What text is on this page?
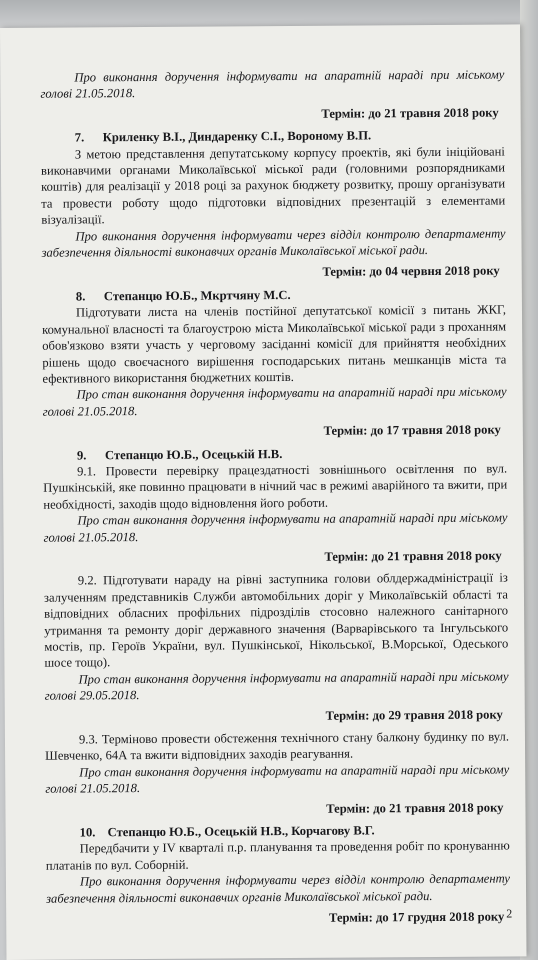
Про виконання доручення інформувати на апаратній нараді при міському голові 21.05.2018.

Термін: до 21 травня 2018 року

7. Криленку В.І., Диндаренку С.І., Вороному В.П.

З метою представлення депутатському корпусу проектів, які були ініційовані виконавчими органами Миколаївської міської ради (головними розпорядниками коштів) для реалізації у 2018 році за рахунок бюджету розвитку, прошу організувати та провести роботу щодо підготовки відповідних презентацій з елементами візуалізації.

Про виконання доручення інформувати через відділ контролю департаменту забезпечення діяльності виконавчих органів Миколаївської міської ради.

Термін: до 04 червня 2018 року

8. Степанцю Ю.Б., Мкртчяну М.С.

Підготувати листа на членів постійної депутатської комісії з питань ЖКГ, комунальної власності та благоустрою міста Миколаївської міської ради з проханням обов'язково взяти участь у черговому засіданні комісії для прийняття необхідних рішень щодо своєчасного вирішення господарських питань мешканців міста та ефективного використання бюджетних коштів.

Про стан виконання доручення інформувати на апаратній нараді при міському голові 21.05.2018.

Термін: до 17 травня 2018 року

9. Степанцю Ю.Б., Осецькій Н.В.

9.1. Провести перевірку працездатності зовнішнього освітлення по вул. Пушкінській, яке повинно працювати в нічний час в режимі аварійного та вжити, при необхідності, заходів щодо відновлення його роботи.

Про стан виконання доручення інформувати на апаратній нараді при міському голові 21.05.2018.

Термін: до 21 травня 2018 року

9.2. Підготувати нараду на рівні заступника голови облдержадміністрації із залученням представників Служби автомобільних доріг у Миколаївській області та відповідних обласних профільних підрозділів стосовно належного санітарного утримання та ремонту доріг державного значення (Варварівського та Інгульського мостів, пр. Героїв України, вул. Пушкінської, Нікольської, В.Морської, Одеського шосе тощо).

Про стан виконання доручення інформувати на апаратній нараді при міському голові 29.05.2018.

Термін: до 29 травня 2018 року

9.3. Терміново провести обстеження технічного стану балкону будинку по вул. Шевченко, 64А та вжити відповідних заходів реагування.

Про стан виконання доручення інформувати на апаратній нараді при міському голові 21.05.2018.

Термін: до 21 травня 2018 року

10. Степанцю Ю.Б., Осецькій Н.В., Корчагову В.Г.

Передбачити у IV кварталі п.р. планування та проведення робіт по кронуванню платанів по вул. Соборній.

Про виконання доручення інформувати через відділ контролю департаменту забезпечення діяльності виконавчих органів Миколаївської міської ради.

Термін: до 17 грудня 2018 року 2
